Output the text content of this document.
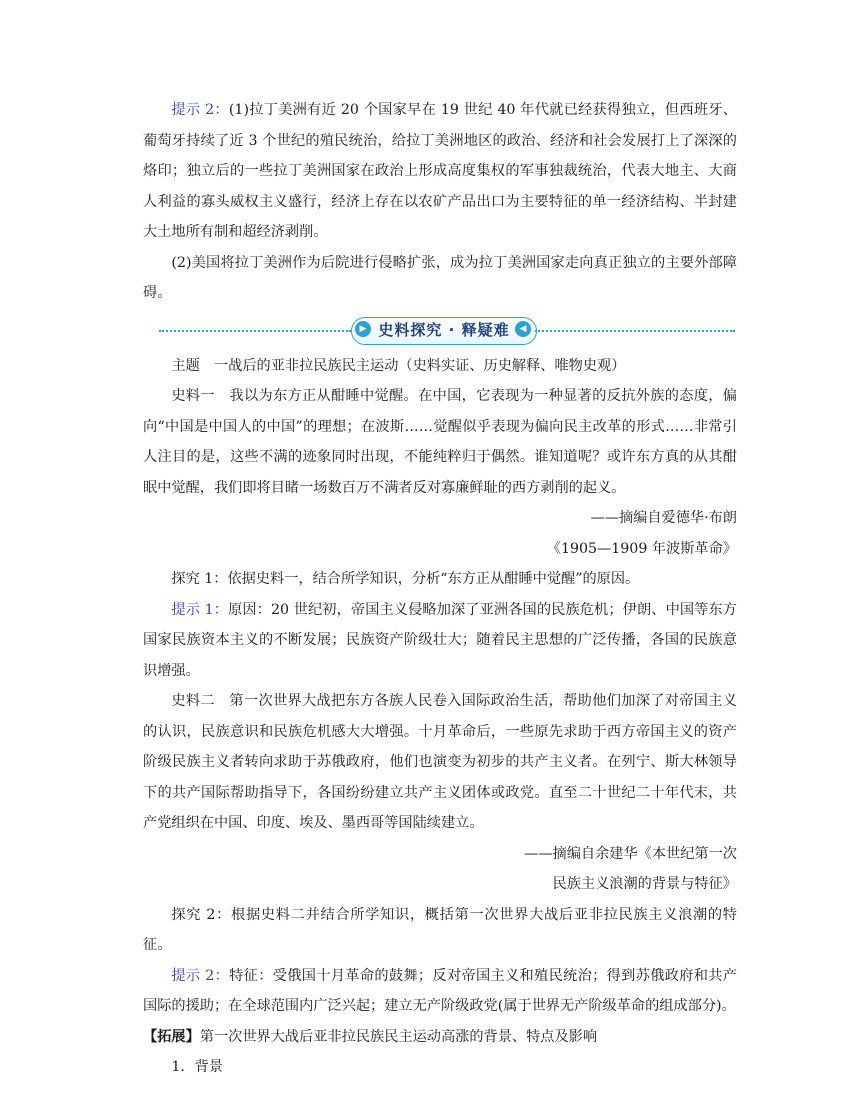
提示 2：(1)拉丁美洲有近 20 个国家早在 19 世纪 40 年代就已经获得独立，但西班牙、葡萄牙持续了近 3 个世纪的殖民统治，给拉丁美洲地区的政治、经济和社会发展打上了深深的烙印；独立后的一些拉丁美洲国家在政治上形成高度集权的军事独裁统治，代表大地主、大商人利益的寡头威权主义盛行，经济上存在以农矿产品出口为主要特征的单一经济结构、半封建大土地所有制和超经济剥削。

(2)美国将拉丁美洲作为后院进行侵略扩张，成为拉丁美洲国家走向真正独立的主要外部障碍。

史料探究 · 释疑难
▶	◀

主题　一战后的亚非拉民族民主运动（史料实证、历史解释、唯物史观）

史料一　我以为东方正从酣睡中觉醒。在中国，它表现为一种显著的反抗外族的态度，偏向“中国是中国人的中国”的理想；在波斯……觉醒似乎表现为偏向民主改革的形式……非常引人注目的是，这些不满的迹象同时出现，不能纯粹归于偶然。谁知道呢？或许东方真的从其酣眠中觉醒，我们即将目睹一场数百万不满者反对寡廉鲜耻的西方剥削的起义。

——摘编自爱德华·布朗

《1905—1909 年波斯革命》

探究 1：依据史料一，结合所学知识，分析“东方正从酣睡中觉醒”的原因。

提示 1：原因：20 世纪初，帝国主义侵略加深了亚洲各国的民族危机；伊朗、中国等东方国家民族资本主义的不断发展；民族资产阶级壮大；随着民主思想的广泛传播，各国的民族意识增强。

史料二　第一次世界大战把东方各族人民卷入国际政治生活，帮助他们加深了对帝国主义的认识，民族意识和民族危机感大大增强。十月革命后，一些原先求助于西方帝国主义的资产阶级民族主义者转向求助于苏俄政府，他们也演变为初步的共产主义者。在列宁、斯大林领导下的共产国际帮助指导下，各国纷纷建立共产主义团体或政党。直至二十世纪二十年代末，共产党组织在中国、印度、埃及、墨西哥等国陆续建立。

——摘编自余建华《本世纪第一次

民族主义浪潮的背景与特征》

探究 2：根据史料二并结合所学知识，概括第一次世界大战后亚非拉民族主义浪潮的特征。

提示 2：特征：受俄国十月革命的鼓舞；反对帝国主义和殖民统治；得到苏俄政府和共产国际的援助；在全球范围内广泛兴起；建立无产阶级政党(属于世界无产阶级革命的组成部分)。

【拓展】第一次世界大战后亚非拉民族民主运动高涨的背景、特点及影响

1．背景
